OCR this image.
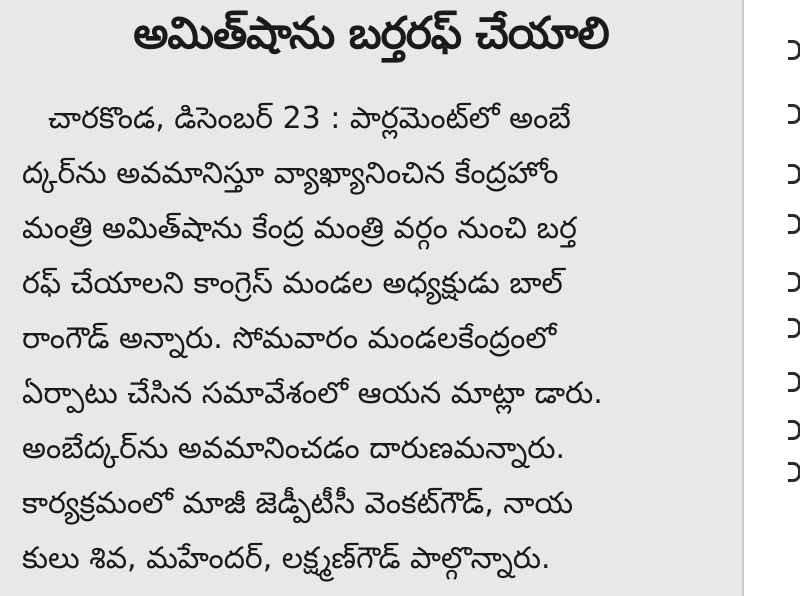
అమిత్‌షాను బర్తరఫ్‌ చేయాలి
చారకొండ, డిసెంబర్‌ 23 : పార్లమెంట్‌లో అంబే
ద్కర్‌ను అవమానిస్తూ వ్యాఖ్యానించిన కేంద్రహోం
మంత్రి అమిత్‌షాను కేంద్ర మంత్రి వర్గం నుంచి బర్త
రఫ్‌ చేయాలని కాంగ్రెస్‌ మండల అధ్యక్షుడు బాల్‌
రాంగౌడ్‌ అన్నారు. సోమవారం మండలకేంద్రంలో
ఏర్పాటు చేసిన సమావేశంలో ఆయన మాట్లా డారు.
అంబేద్కర్‌ను అవమానించడం దారుణమన్నారు.
కార్యక్రమంలో మాజీ జెడ్పీటీసీ వెంకట్‌గౌడ్‌, నాయ
కులు శివ, మహేందర్‌, లక్ష్మణ్‌గౌడ్‌ పాల్గొన్నారు.
